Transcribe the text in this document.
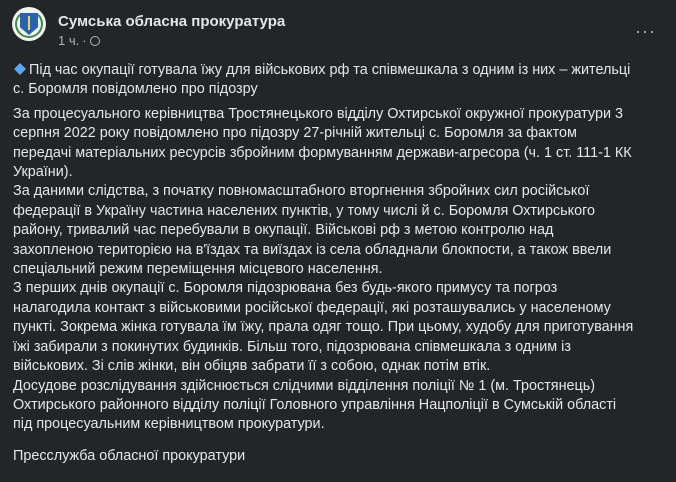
Сумська обласна прокуратура
1 ч. ·	···
Під час окупації готувала їжу для військових рф та співмешкала з одним із них – жительці
с. Боромля повідомлено про підозру
За процесуального керівництва Тростянецького відділу Охтирської окружної прокуратури 3
серпня 2022 року повідомлено про підозру 27-річній жительці с. Боромля за фактом
передачі матеріальних ресурсів збройним формуванням держави-агресора (ч. 1 ст. 111-1 КК
України).
За даними слідства, з початку повномасштабного вторгнення збройних сил російської
федерації в Україну частина населених пунктів, у тому числі й с. Боромля Охтирського
району, тривалий час перебували в окупації. Військові рф з метою контролю над
захопленою територією на в'їздах та виїздах із села обладнали блокпости, а також ввели
спеціальний режим переміщення місцевого населення.
З перших днів окупації с. Боромля підозрювана без будь-якого примусу та погроз
налагодила контакт з військовими російської федерації, які розташувались у населеному
пункті. Зокрема жінка готувала їм їжу, прала одяг тощо. При цьому, худобу для приготування
їжі забирали з покинутих будинків. Більш того, підозрювана співмешкала з одним із
військових. Зі слів жінки, він обіцяв забрати її з собою, однак потім втік.
Досудове розслідування здійснюється слідчими відділення поліції № 1 (м. Тростянець)
Охтирського районного відділу поліції Головного управління Нацполіції в Сумській області
під процесуальним керівництвом прокуратури.
Пресслужба обласної прокуратури
